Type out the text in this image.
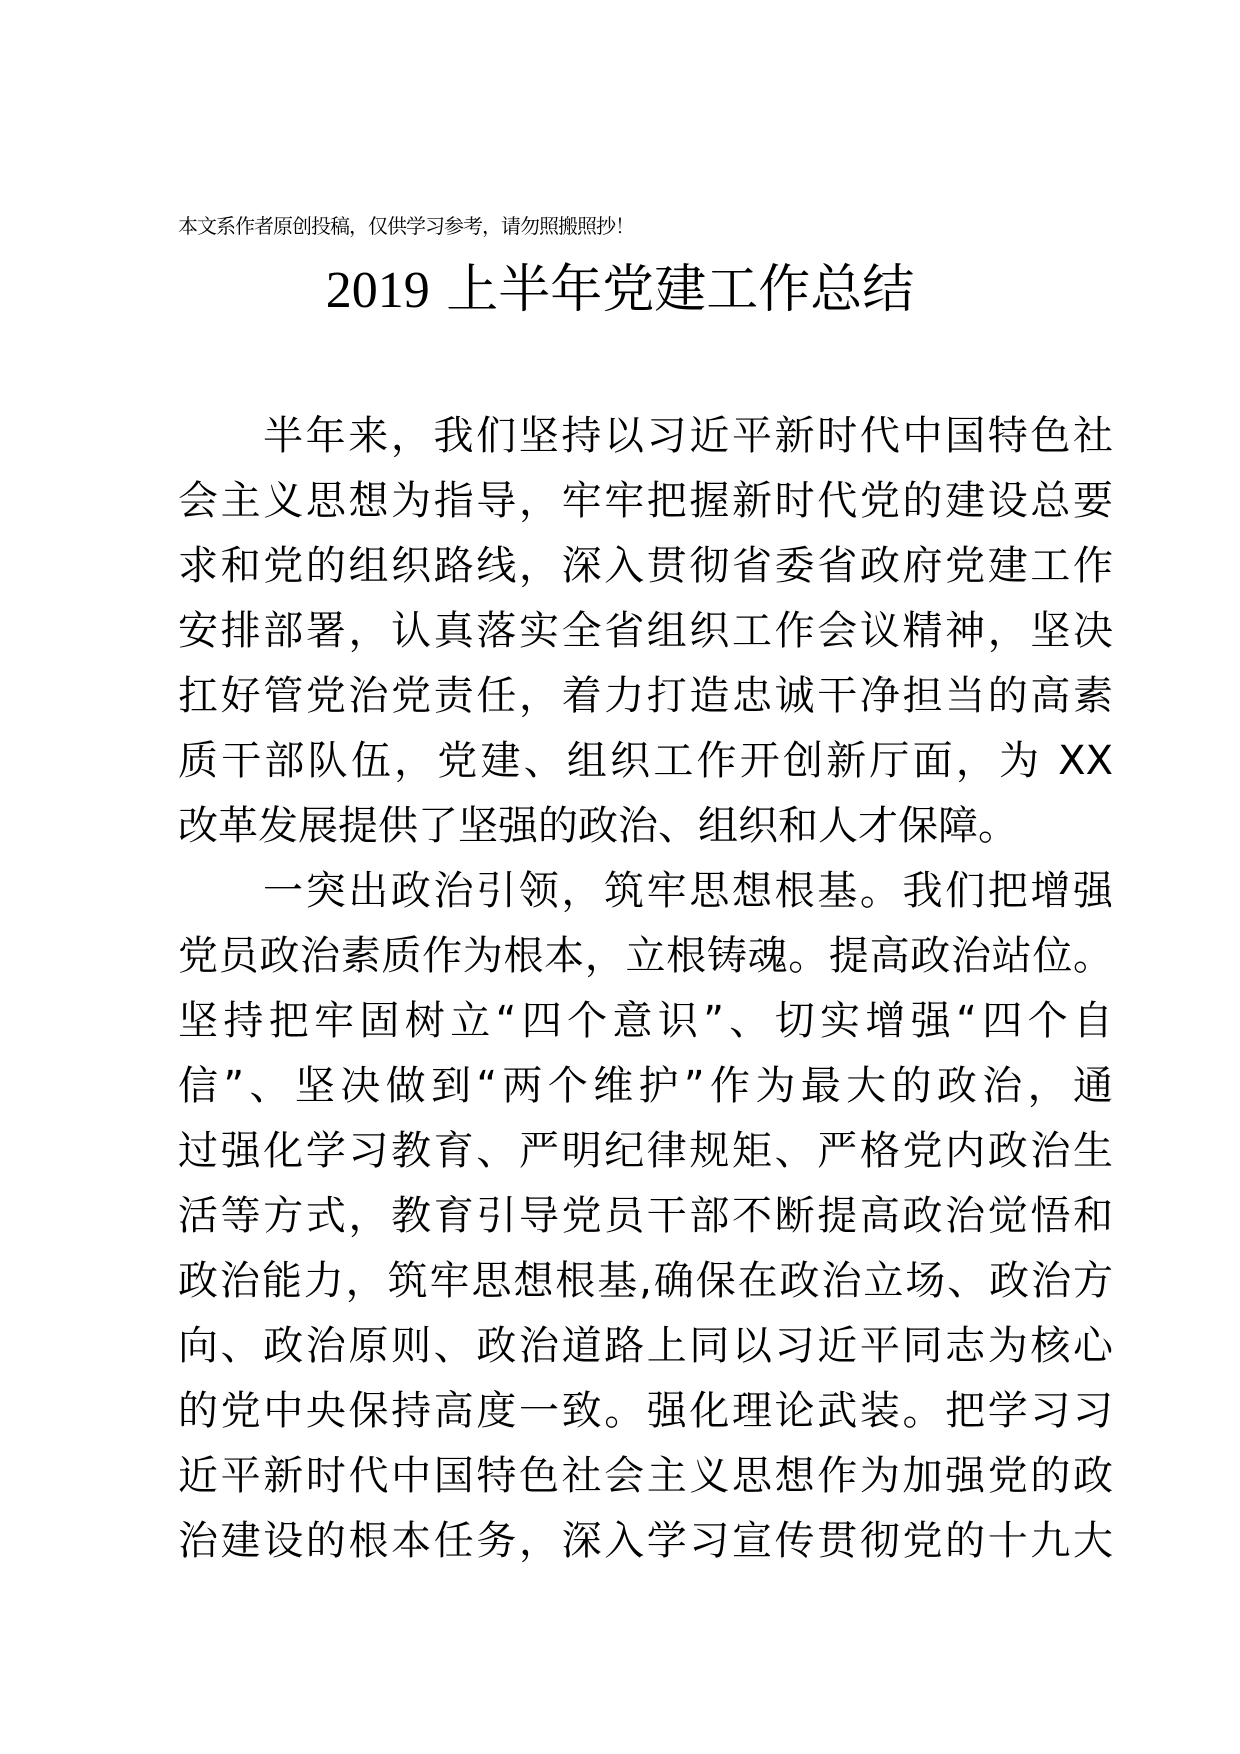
本文系作者原创投稿，仅供学习参考，请勿照搬照抄！
2019 上半年党建工作总结
半年来，我们坚持以习近平新时代中国特色社
会主义思想为指导，牢牢把握新时代党的建设总要
求和党的组织路线，深入贯彻省委省政府党建工作
安排部署，认真落实全省组织工作会议精神，坚决
扛好管党治党责任，着力打造忠诚干净担当的高素
质干部队伍，党建、组织工作开创新厅面，为 XX
改革发展提供了坚强的政治、组织和人才保障。
一突出政治引领，筑牢思想根基。我们把增强
党员政治素质作为根本，立根铸魂。提高政治站位。
坚持把牢固树立“四个意识”、切实增强“四个自
信”、坚决做到“两个维护”作为最大的政治，通
过强化学习教育、严明纪律规矩、严格党内政治生
活等方式，教育引导党员干部不断提高政治觉悟和
政治能力，筑牢思想根基,确保在政治立场、政治方
向、政治原则、政治道路上同以习近平同志为核心
的党中央保持高度一致。强化理论武装。把学习习
近平新时代中国特色社会主义思想作为加强党的政
治建设的根本任务，深入学习宣传贯彻党的十九大
